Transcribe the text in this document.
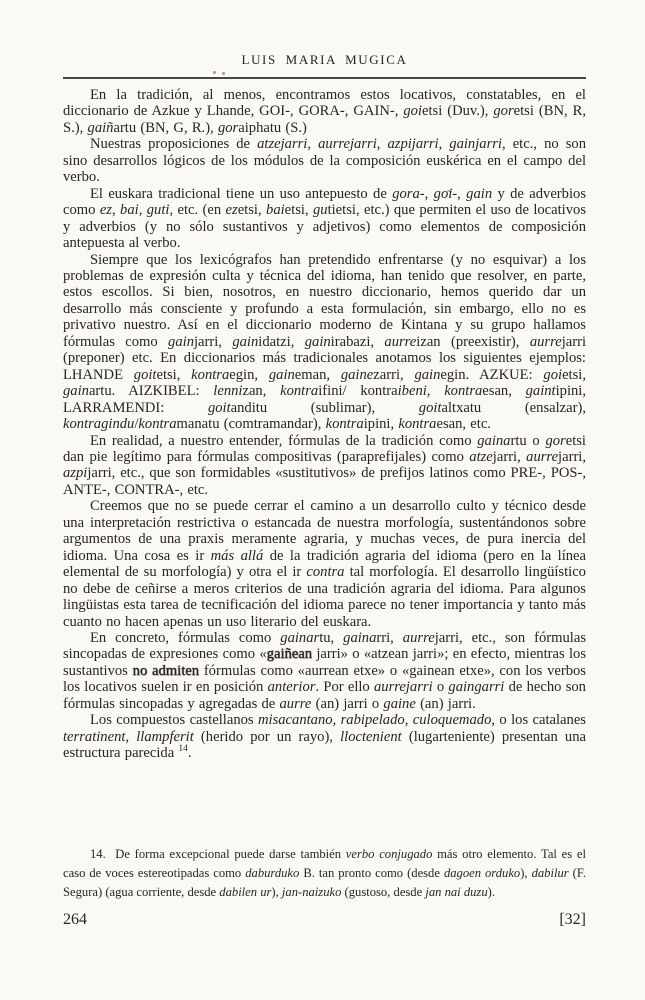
LUIS MARIA MUGICA

En la tradición, al menos, encontramos estos locativos, constatables, en el diccionario de Azkue y Lhande, GOI-, GORA-, GAIN-, goietsi (Duv.), goretsi (BN, R, S.), gaiñartu (BN, G, R.), goraiphatu (S.)

Nuestras proposiciones de atzejarri, aurrejarri, azpijarri, gainjarri, etc., no son sino desarrollos lógicos de los módulos de la composición euskérica en el campo del verbo.

El euskara tradicional tiene un uso antepuesto de gora-, goi-, gain y de adverbios como ez, bai, guti, etc. (en ezetsi, baietsi, gutietsi, etc.) que permiten el uso de locativos y adverbios (y no sólo sustantivos y adjetivos) como elementos de composición antepuesta al verbo.

Siempre que los lexicógrafos han pretendido enfrentarse (y no esquivar) a los problemas de expresión culta y técnica del idioma, han tenido que resolver, en parte, estos escollos. Si bien, nosotros, en nuestro diccionario, hemos querido dar un desarrollo más consciente y profundo a esta formulación, sin embargo, ello no es privativo nuestro. Así en el diccionario moderno de Kintana y su grupo hallamos fórmulas como gainjarri, gainidatzi, gainirabazi, aurreizan (preexistir), aurrejarri (preponer) etc. En diccionarios más tradicionales anotamos los siguientes ejemplos: LHANDE goitetsi, kontraegin, gaineman, gainezarri, gainegin. AZKUE: goietsi, gainartu. AIZKIBEL: lennizan, kontraifini/ kontraibeni, kontraesan, gaintipini, LARRAMENDI: goitanditu (sublimar), goitaltxatu (ensalzar), kontragindu/kontramanatu (comtramandar), kontraipini, kontraesan, etc.

En realidad, a nuestro entender, fórmulas de la tradición como gainartu o goretsi dan pie legítimo para fórmulas compositivas (paraprefijales) como atzejarri, aurrejarri, azpijarri, etc., que son formidables «sustitutivos» de prefijos latinos como PRE-, POS-, ANTE-, CONTRA-, etc.

Creemos que no se puede cerrar el camino a un desarrollo culto y técnico desde una interpretación restrictiva o estancada de nuestra morfología, sustentándonos sobre argumentos de una praxis meramente agraria, y muchas veces, de pura inercia del idioma. Una cosa es ir más allá de la tradición agraria del idioma (pero en la línea elemental de su morfología) y otra el ir contra tal morfología. El desarrollo lingüístico no debe de ceñirse a meros criterios de una tradición agraria del idioma. Para algunos lingüistas esta tarea de tecnificación del idioma parece no tener importancia y tanto más cuanto no hacen apenas un uso literario del euskara.

En concreto, fórmulas como gainartu, gainarri, aurrejarri, etc., son fórmulas sincopadas de expresiones como «gaiñean jarri» o «atzean jarri»; en efecto, mientras los sustantivos no admiten fórmulas como «aurrean etxe» o «gainean etxe», con los verbos los locativos suelen ir en posición anterior. Por ello aurrejarri o gaingarri de hecho son fórmulas sincopadas y agregadas de aurre (an) jarri o gaine (an) jarri.

Los compuestos castellanos misacantano, rabipelado, culoquemado, o los catalanes terratinent, llampferit (herido por un rayo), lloctenient (lugarteniente) presentan una estructura parecida $^{14}$.

14.  De forma excepcional puede darse también verbo conjugado más otro elemento. Tal es el caso de voces estereotipadas como daburduko B. tan pronto como (desde dagoen orduko), dabilur (F. Segura) (agua corriente, desde dabilen ur), jan-naizuko (gustoso, desde jan nai duzu).

264	[32]
